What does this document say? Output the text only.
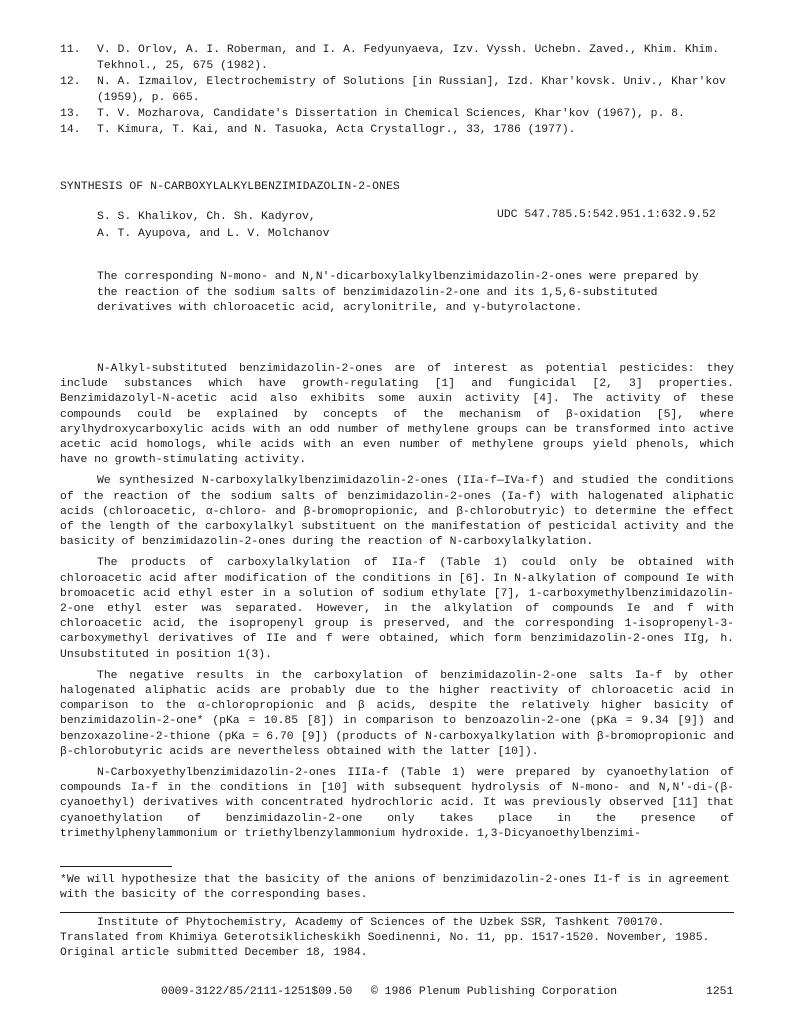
11.	V. D. Orlov, A. I. Roberman, and I. A. Fedyunyaeva, Izv. Vyssh. Uchebn. Zaved., Khim. Khim. Tekhnol., 25, 675 (1982).
12.	N. A. Izmailov, Electrochemistry of Solutions [in Russian], Izd. Khar'kovsk. Univ., Khar'kov (1959), p. 665.
13.	T. V. Mozharova, Candidate's Dissertation in Chemical Sciences, Khar'kov (1967), p. 8.
14.	T. Kimura, T. Kai, and N. Tasuoka, Acta Crystallogr., 33, 1786 (1977).
SYNTHESIS OF N-CARBOXYLALKYLBENZIMIDAZOLIN-2-ONES
S. S. Khalikov, Ch. Sh. Kadyrov,
A. T. Ayupova, and L. V. Molchanov
UDC 547.785.5:542.951.1:632.9.52
The corresponding N-mono- and N,N'-dicarboxylalkylbenzimidazolin-2-ones were prepared by the reaction of the sodium salts of benzimidazolin-2-one and its 1,5,6-substituted derivatives with chloroacetic acid, acrylonitrile, and γ-butyrolactone.

N-Alkyl-substituted benzimidazolin-2-ones are of interest as potential pesticides: they include substances which have growth-regulating [1] and fungicidal [2, 3] properties. Benzimidazolyl-N-acetic acid also exhibits some auxin activity [4]. The activity of these compounds could be explained by concepts of the mechanism of β-oxidation [5], where arylhydroxycarboxylic acids with an odd number of methylene groups can be transformed into active acetic acid homologs, while acids with an even number of methylene groups yield phenols, which have no growth-stimulating activity.

We synthesized N-carboxylalkylbenzimidazolin-2-ones (IIa-f—IVa-f) and studied the conditions of the reaction of the sodium salts of benzimidazolin-2-ones (Ia-f) with halogenated aliphatic acids (chloroacetic, α-chloro- and β-bromopropionic, and β-chlorobutryic) to determine the effect of the length of the carboxylalkyl substituent on the manifestation of pesticidal activity and the basicity of benzimidazolin-2-ones during the reaction of N-carboxylalkylation.

The products of carboxylalkylation of IIa-f (Table 1) could only be obtained with chloroacetic acid after modification of the conditions in [6]. In N-alkylation of compound Ie with bromoacetic acid ethyl ester in a solution of sodium ethylate [7], 1-carboxymethylbenzimidazolin-2-one ethyl ester was separated. However, in the alkylation of compounds Ie and f with chloroacetic acid, the isopropenyl group is preserved, and the corresponding 1-isopropenyl-3-carboxymethyl derivatives of IIe and f were obtained, which form benzimidazolin-2-ones IIg, h. Unsubstituted in position 1(3).

The negative results in the carboxylation of benzimidazolin-2-one salts Ia-f by other halogenated aliphatic acids are probably due to the higher reactivity of chloroacetic acid in comparison to the α-chloropropionic and β acids, despite the relatively higher basicity of benzimidazolin-2-one* (pKa = 10.85 [8]) in comparison to benzoazolin-2-one (pKa = 9.34 [9]) and benzoxazoline-2-thione (pKa = 6.70 [9]) (products of N-carboxyalkylation with β-bromopropionic and β-chlorobutyric acids are nevertheless obtained with the latter [10]).

N-Carboxyethylbenzimidazolin-2-ones IIIa-f (Table 1) were prepared by cyanoethylation of compounds Ia-f in the conditions in [10] with subsequent hydrolysis of N-mono- and N,N'-di-(β-cyanoethyl) derivatives with concentrated hydrochloric acid. It was previously observed [11] that cyanoethylation of benzimidazolin-2-one only takes place in the presence of trimethylphenylammonium or triethylbenzylammonium hydroxide. 1,3-Dicyanoethylbenzimi-

*We will hypothesize that the basicity of the anions of benzimidazolin-2-ones I1-f is in agreement with the basicity of the corresponding bases.
Institute of Phytochemistry, Academy of Sciences of the Uzbek SSR, Tashkent 700170.
Translated from Khimiya Geterotsiklicheskikh Soedinenni, No. 11, pp. 1517-1520. November, 1985. Original article submitted December 18, 1984.
0009-3122/85/2111-1251$09.50 © 1986 Plenum Publishing Corporation	1251
